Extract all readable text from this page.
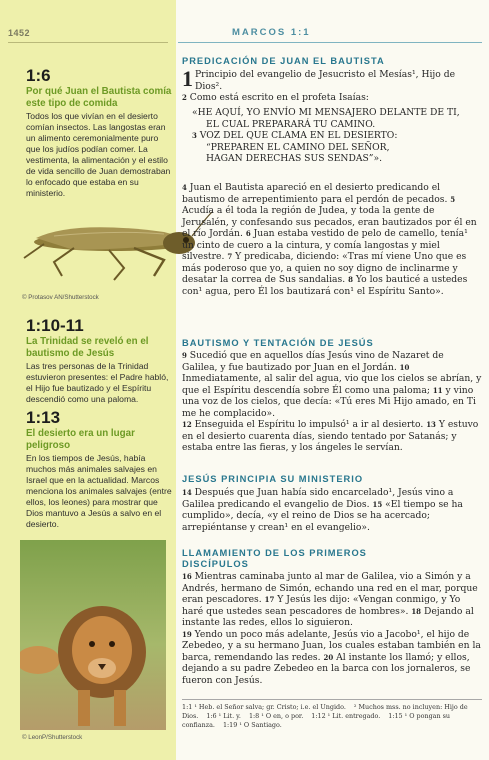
1452	MARCOS 1:1
1:6
Por qué Juan el Bautista comía este tipo de comida
Todos los que vivían en el desierto comían insectos. Las langostas eran un alimento ceremonialmente puro que los judíos podían comer. La vestimenta, la alimentación y el estilo de vida sencillo de Juan demostraban lo enfocado que estaba en su ministerio.
© Protasov AN/Shutterstock
1:10-11
La Trinidad se reveló en el bautismo de Jesús
Las tres personas de la Trinidad estuvieron presentes: el Padre habló, el Hijo fue bautizado y el Espíritu descendió como una paloma.
1:13
El desierto era un lugar peligroso
En los tiempos de Jesús, había muchos más animales salvajes en Israel que en la actualidad. Marcos menciona los animales salvajes (entre ellos, los leones) para mostrar que Dios mantuvo a Jesús a salvo en el desierto.
© LeonP/Shutterstock
PREDICACIÓN DE JUAN EL BAUTISTA
1 Principio del evangelio de Jesucristo el Mesías¹, Hijo de Dios².
2 Como está escrito en el profeta Isaías:
«HE AQUÍ, YO ENVÍO MI MENSAJERO DELANTE DE TI,
EL CUAL PREPARARÁ TU CAMINO.
3 VOZ DEL QUE CLAMA EN EL DESIERTO:
“PREPAREN EL CAMINO DEL SEÑOR,
HAGAN DERECHAS SUS SENDAS”».
4 Juan el Bautista apareció en el desierto predicando el bautismo de arrepentimiento para el perdón de pecados. 5 Acudía a él toda la región de Judea, y toda la gente de Jerusalén, y confesando sus pecados, eran bautizados por él en el río Jordán. 6 Juan estaba vestido de pelo de camello, tenía¹ un cinto de cuero a la cintura, y comía langostas y miel silvestre. 7 Y predicaba, diciendo: «Tras mí viene Uno que es más poderoso que yo, a quien no soy digno de inclinarme y desatar la correa de Sus sandalias. 8 Yo los bauticé a ustedes con¹ agua, pero Él los bautizará con¹ el Espíritu Santo».
BAUTISMO Y TENTACIÓN DE JESÚS
9 Sucedió que en aquellos días Jesús vino de Nazaret de Galilea, y fue bautizado por Juan en el Jordán. 10 Inmediatamente, al salir del agua, vio que los cielos se abrían, y que el Espíritu descendía sobre Él como una paloma; 11 y vino una voz de los cielos, que decía: «Tú eres Mi Hijo amado, en Ti me he complacido».
12 Enseguida el Espíritu lo impulsó¹ a ir al desierto. 13 Y estuvo en el desierto cuarenta días, siendo tentado por Satanás; y estaba entre las fieras, y los ángeles le servían.
JESÚS PRINCIPIA SU MINISTERIO
14 Después que Juan había sido encarcelado¹, Jesús vino a Galilea predicando el evangelio de Dios. 15 «El tiempo se ha cumplido», decía, «y el reino de Dios se ha acercado; arrepiéntanse y crean¹ en el evangelio».
LLAMAMIENTO DE LOS PRIMEROS DISCÍPULOS
16 Mientras caminaba junto al mar de Galilea, vio a Simón y a Andrés, hermano de Simón, echando una red en el mar, porque eran pescadores. 17 Y Jesús les dijo: «Vengan conmigo, y Yo haré que ustedes sean pescadores de hombres». 18 Dejando al instante las redes, ellos lo siguieron.
19 Yendo un poco más adelante, Jesús vio a Jacobo¹, el hijo de Zebedeo, y a su hermano Juan, los cuales estaban también en la barca, remendando las redes. 20 Al instante los llamó; y ellos, dejando a su padre Zebedeo en la barca con los jornaleros, se fueron con Jesús.
1:1 ¹ Heb. el Señor salva; gr. Cristo; i.e. el Ungido. ² Muchos mss. no incluyen: Hijo de Dios. 1:6 ¹ Lit. y. 1:8 ¹ O en, o por. 1:12 ¹ Lit. entregado. 1:15 ¹ O pongan su confianza. 1:19 ¹ O Santiago.
